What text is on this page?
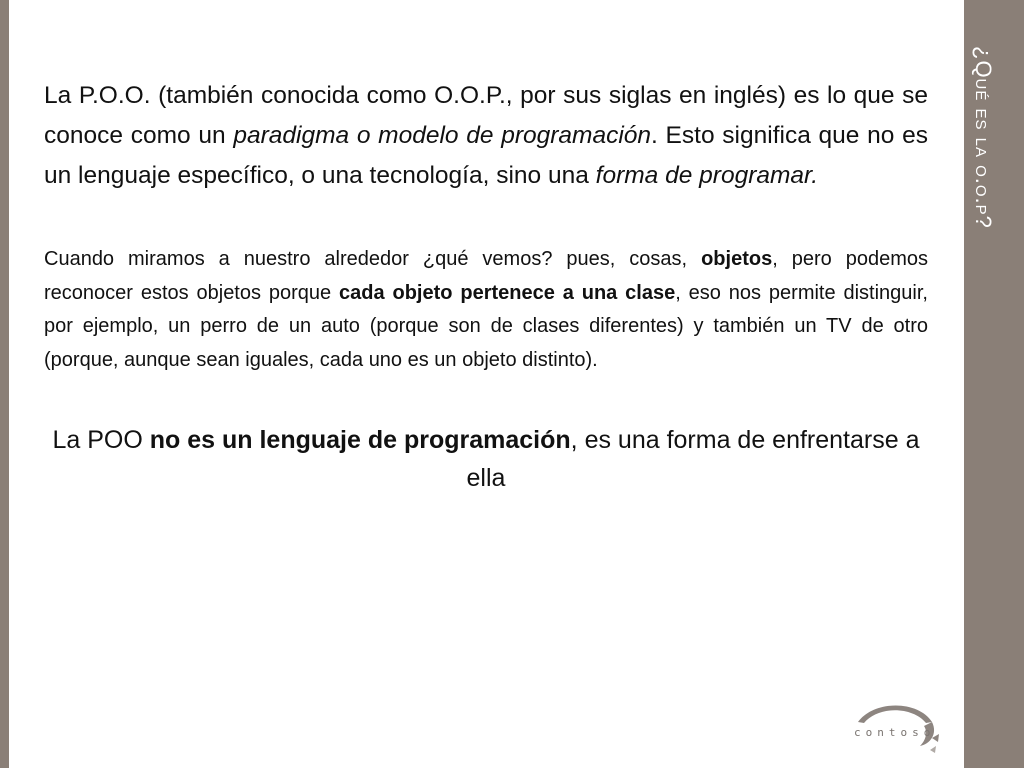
¿Qué es la o.o.p?

La P.O.O. (también conocida como O.O.P., por sus siglas en inglés) es lo que se conoce como un paradigma o modelo de programación. Esto significa que no es un lenguaje específico, o una tecnología, sino una forma de programar.

Cuando miramos a nuestro alrededor ¿qué vemos? pues, cosas, objetos, pero podemos reconocer estos objetos porque cada objeto pertenece a una clase, eso nos permite distinguir, por ejemplo, un perro de un auto (porque son de clases diferentes) y también un TV de otro (porque, aunque sean iguales, cada uno es un objeto distinto).

La POO no es un lenguaje de programación, es una forma de enfrentarse a ella

contoso
